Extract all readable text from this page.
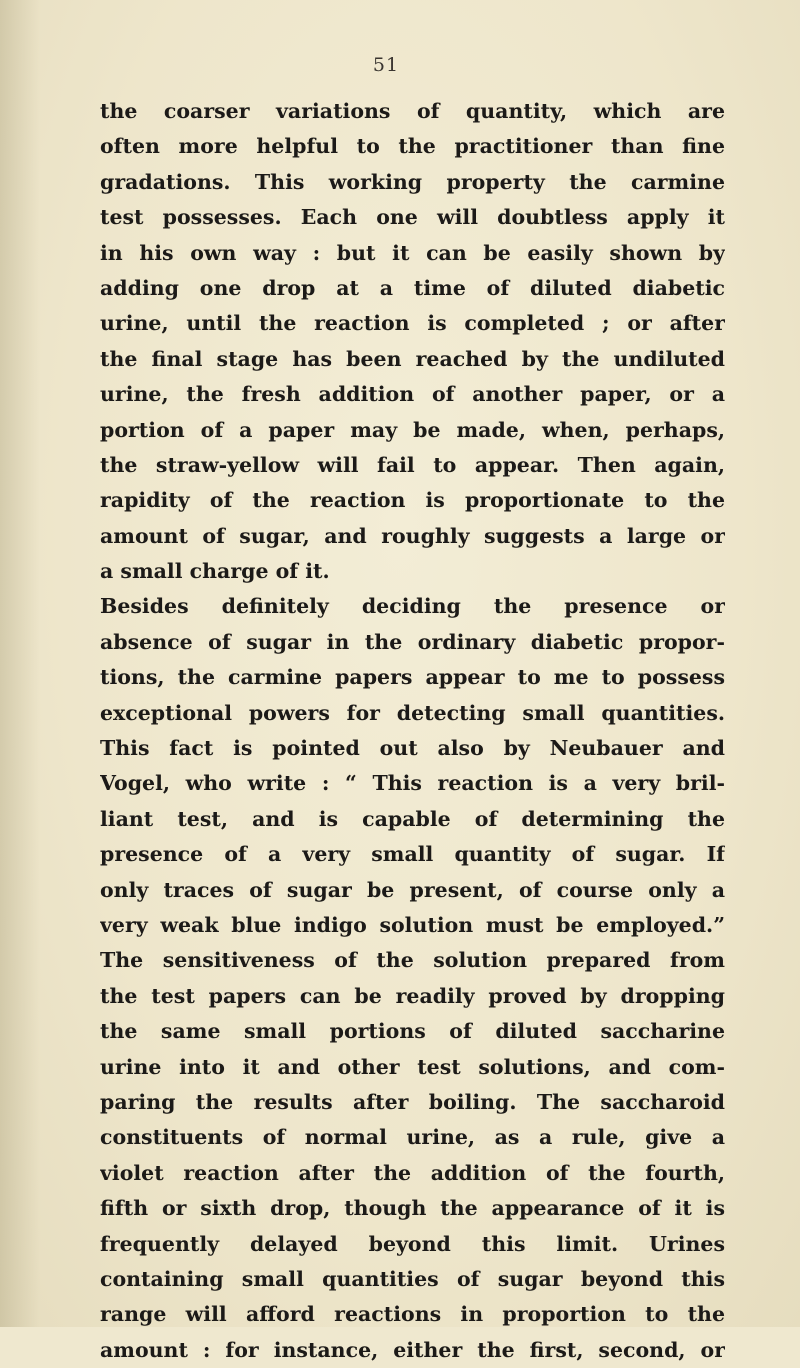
51
the coarser variations of quantity, which are
often more helpful to the practitioner than fine
gradations. This working property the carmine
test possesses. Each one will doubtless apply it
in his own way : but it can be easily shown by
adding one drop at a time of diluted diabetic
urine, until the reaction is completed ; or after
the final stage has been reached by the undiluted
urine, the fresh addition of another paper, or a
portion of a paper may be made, when, perhaps,
the straw-yellow will fail to appear. Then again,
rapidity of the reaction is proportionate to the
amount of sugar, and roughly suggests a large or
a small charge of it.
Besides definitely deciding the presence or
absence of sugar in the ordinary diabetic propor-
tions, the carmine papers appear to me to possess
exceptional powers for detecting small quantities.
This fact is pointed out also by Neubauer and
Vogel, who write : “ This reaction is a very bril-
liant test, and is capable of determining the
presence of a very small quantity of sugar. If
only traces of sugar be present, of course only a
very weak blue indigo solution must be employed.”
The sensitiveness of the solution prepared from
the test papers can be readily proved by dropping
the same small portions of diluted saccharine
urine into it and other test solutions, and com-
paring the results after boiling. The saccharoid
constituents of normal urine, as a rule, give a
violet reaction after the addition of the fourth,
fifth or sixth drop, though the appearance of it is
frequently delayed beyond this limit. Urines
containing small quantities of sugar beyond this
range will afford reactions in proportion to the
amount : for instance, either the first, second, or
